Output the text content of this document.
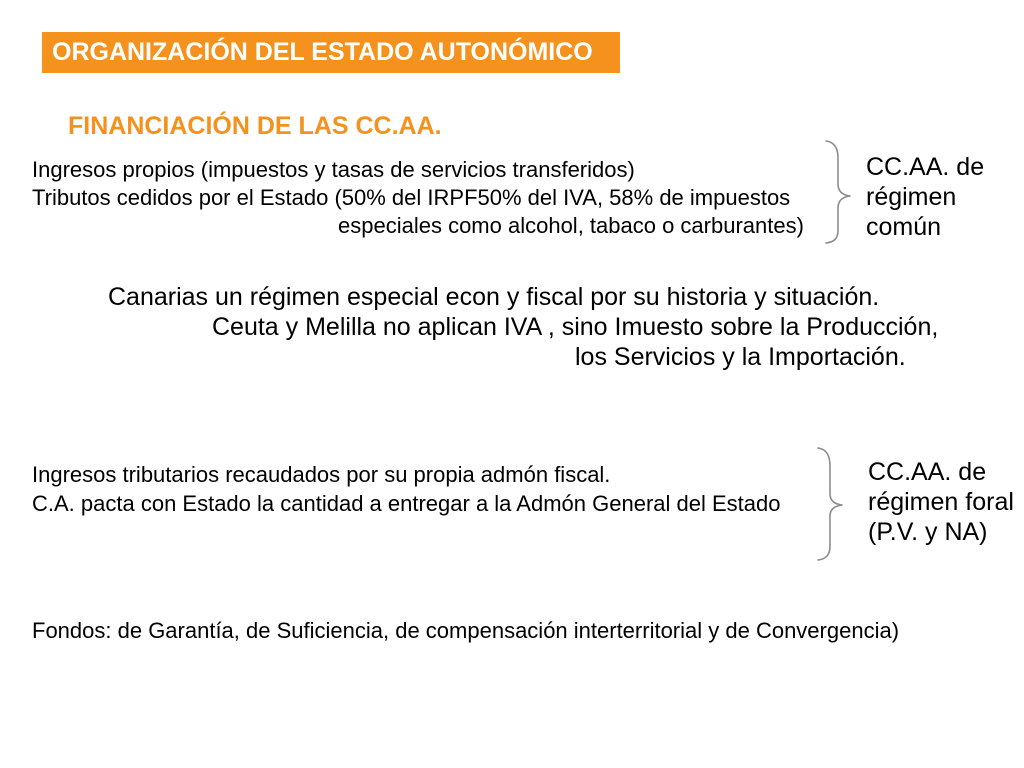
ORGANIZACIÓN DEL ESTADO AUTONÓMICO
FINANCIACIÓN DE LAS CC.AA.
Ingresos propios (impuestos y tasas de servicios transferidos)
Tributos cedidos por el Estado (50% del IRPF50% del IVA, 58% de impuestos
especiales como alcohol, tabaco o carburantes)
CC.AA. de
régimen
común
Canarias un régimen especial econ y fiscal por su historia y situación.
Ceuta y Melilla no aplican IVA , sino Imuesto sobre la Producción,
los Servicios y la Importación.
Ingresos tributarios recaudados por su propia admón fiscal.
C.A. pacta con Estado la cantidad a entregar a la Admón General del Estado
CC.AA. de
régimen foral
(P.V. y NA)
Fondos: de Garantía, de Suficiencia, de compensación interterritorial y de Convergencia)
